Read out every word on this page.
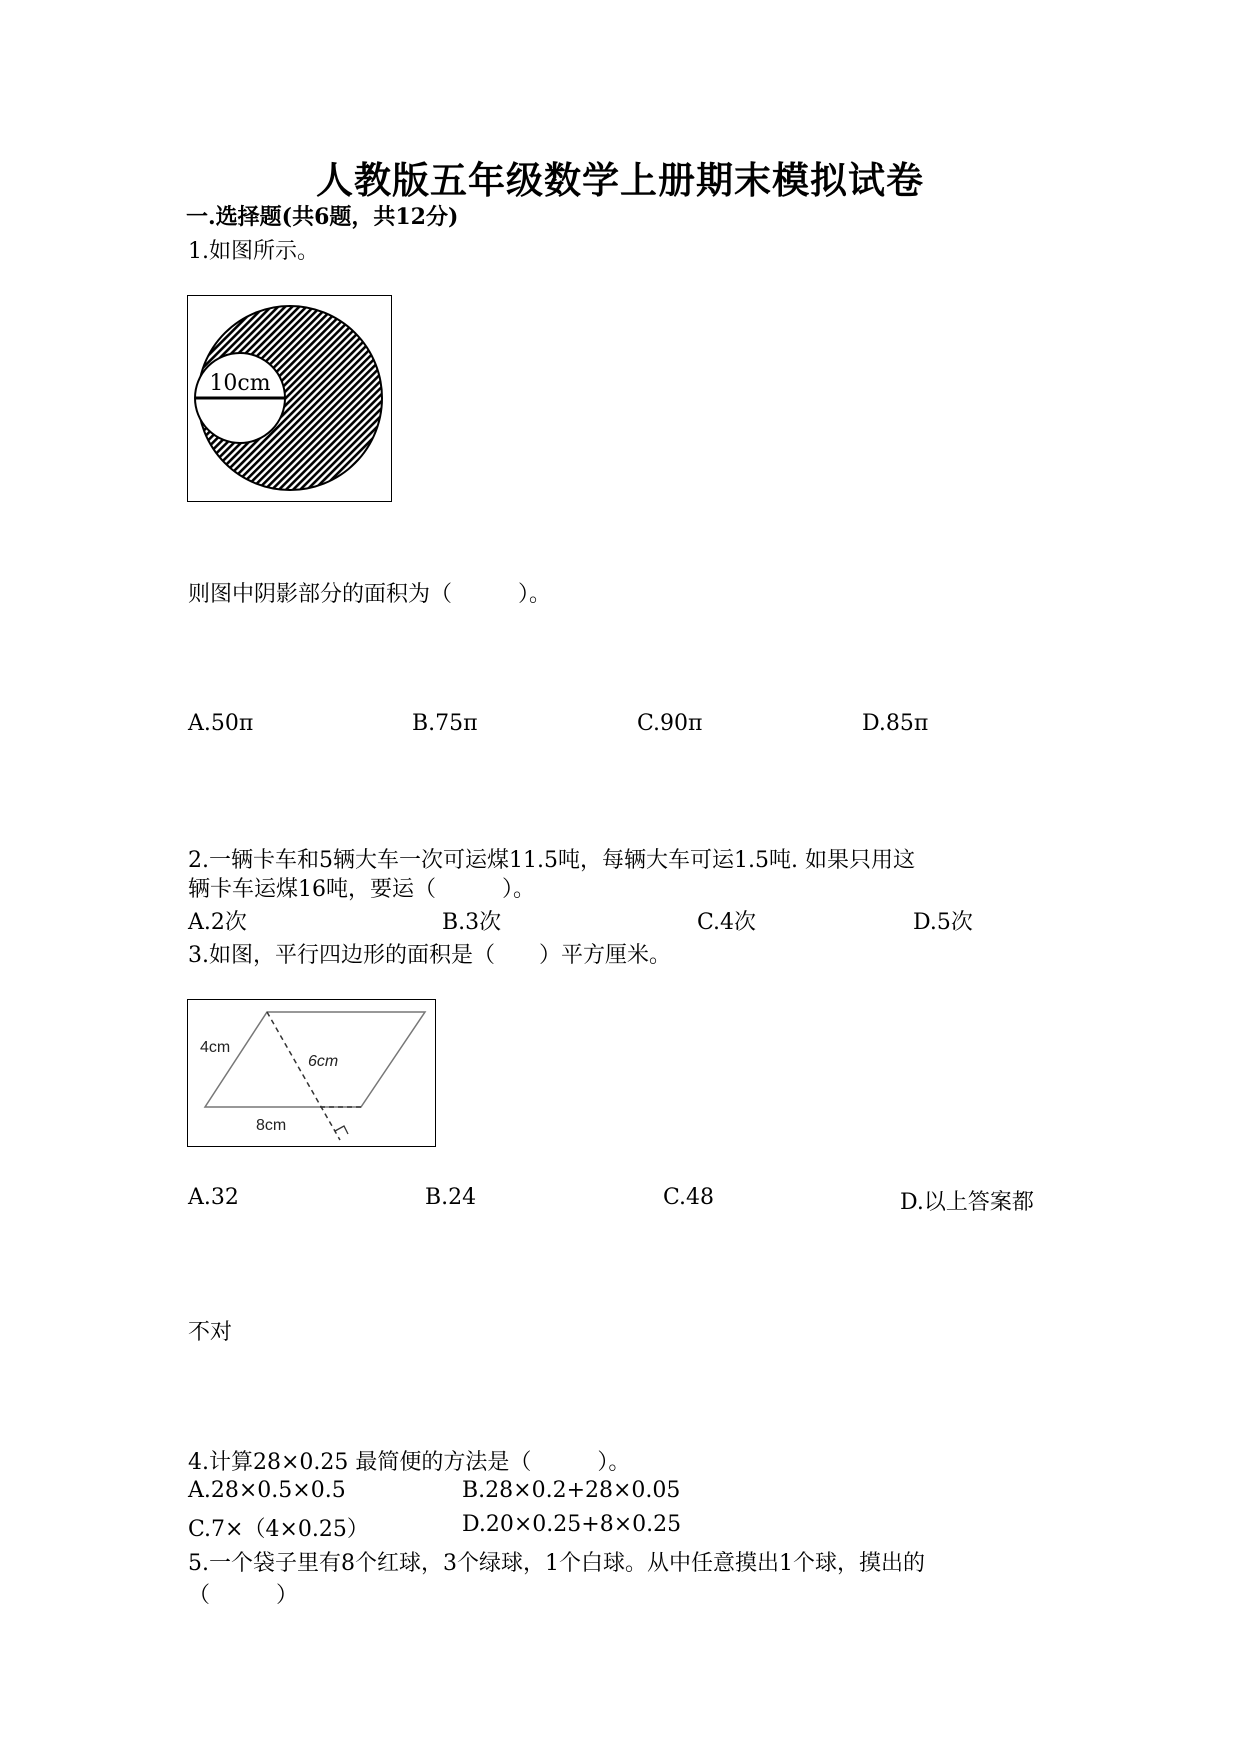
人教版五年级数学上册期末模拟试卷
一.选择题(共6题，共12分)
1.如图所示。
10cm
则图中阴影部分的面积为（　　　）。
A.50π	B.75π	C.90π	D.85π
2.一辆卡车和5辆大车一次可运煤11.5吨，每辆大车可运1.5吨. 如果只用这
辆卡车运煤16吨，要运（　　　）。
A.2次	B.3次	C.4次	D.5次
3.如图，平行四边形的面积是（　　）平方厘米。
4cm
6cm
8cm
A.32	B.24	C.48	D.以上答案都
不对
4.计算28×0.25 最简便的方法是（　　　）。
A.28×0.5×0.5	B.28×0.2+28×0.05
C.7×（4×0.25）	D.20×0.25+8×0.25
5.一个袋子里有8个红球，3个绿球，1个白球。从中任意摸出1个球，摸出的
（　　　）
